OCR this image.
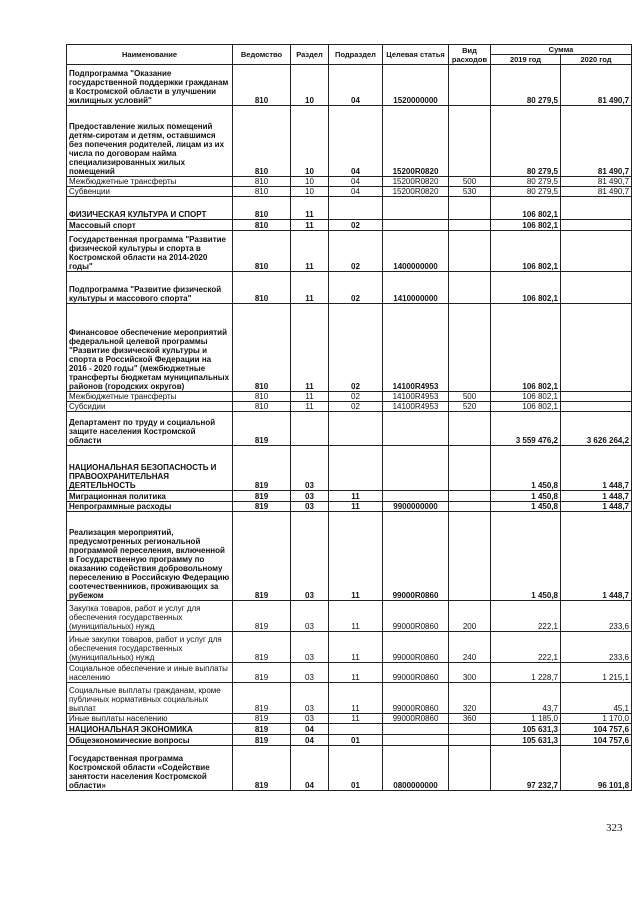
Наименование	Ведомство	Раздел	Подраздел	Целевая статья	Вид расходов	Сумма	
						2019 год	2020 год
Подпрограмма "Оказание государственной поддержки гражданам в Костромской области в улучшении жилищных условий"	810	10	04	1520000000		80 279,5	81 490,7
Предоставление жилых помещений детям-сиротам и детям, оставшимся без попечения родителей, лицам из их числа по договорам найма специализированных жилых помещений	810	10	04	15200R0820		80 279,5	81 490,7
Межбюджетные трансферты	810	10	04	15200R0820	500	80 279,5	81 490,7
Субвенции	810	10	04	15200R0820	530	80 279,5	81 490,7
ФИЗИЧЕСКАЯ КУЛЬТУРА И СПОРТ	810	11				106 802,1	
Массовый спорт	810	11	02			106 802,1	
Государственная программа "Развитие физической культуры и спорта в Костромской области на 2014-2020 годы"	810	11	02	1400000000		106 802,1	
Подпрограмма "Развитие физической культуры и массового спорта"	810	11	02	1410000000		106 802,1	
Финансовое обеспечение мероприятий федеральной целевой программы "Развитие физической культуры и спорта в Российской Федерации на 2016 - 2020 годы" (межбюджетные трансферты бюджетам муниципальных районов (городских округов)	810	11	02	14100R4953		106 802,1	
Межбюджетные трансферты	810	11	02	14100R4953	500	106 802,1	
Субсидии	810	11	02	14100R4953	520	106 802,1	
Департамент по труду и социальной защите населения Костромской области	819					3 559 476,2	3 626 264,2
НАЦИОНАЛЬНАЯ БЕЗОПАСНОСТЬ И ПРАВООХРАНИТЕЛЬНАЯ ДЕЯТЕЛЬНОСТЬ	819	03				1 450,8	1 448,7
Миграционная политика	819	03	11			1 450,8	1 448,7
Непрограммные расходы	819	03	11	9900000000		1 450,8	1 448,7
Реализация мероприятий, предусмотренных региональной программой переселения, включенной в Государственную программу по оказанию содействия добровольному переселению в Российскую Федерацию соотечественников, проживающих за рубежом	819	03	11	99000R0860		1 450,8	1 448,7
Закупка товаров, работ и услуг для обеспечения государственных (муниципальных) нужд	819	03	11	99000R0860	200	222,1	233,6
Иные закупки товаров, работ и услуг для обеспечения государственных (муниципальных) нужд	819	03	11	99000R0860	240	222,1	233,6
Социальное обеспечение и иные выплаты населению	819	03	11	99000R0860	300	1 228,7	1 215,1
Социальные выплаты гражданам, кроме публичных нормативных социальных выплат	819	03	11	99000R0860	320	43,7	45,1
Иные выплаты населению	819	03	11	99000R0860	360	1 185,0	1 170,0
НАЦИОНАЛЬНАЯ ЭКОНОМИКА	819	04				105 631,3	104 757,6
Общеэкономические вопросы	819	04	01			105 631,3	104 757,6
Государственная программа Костромской области «Содействие занятости населения Костромской области»	819	04	01	0800000000		97 232,7	96 101,8
323
